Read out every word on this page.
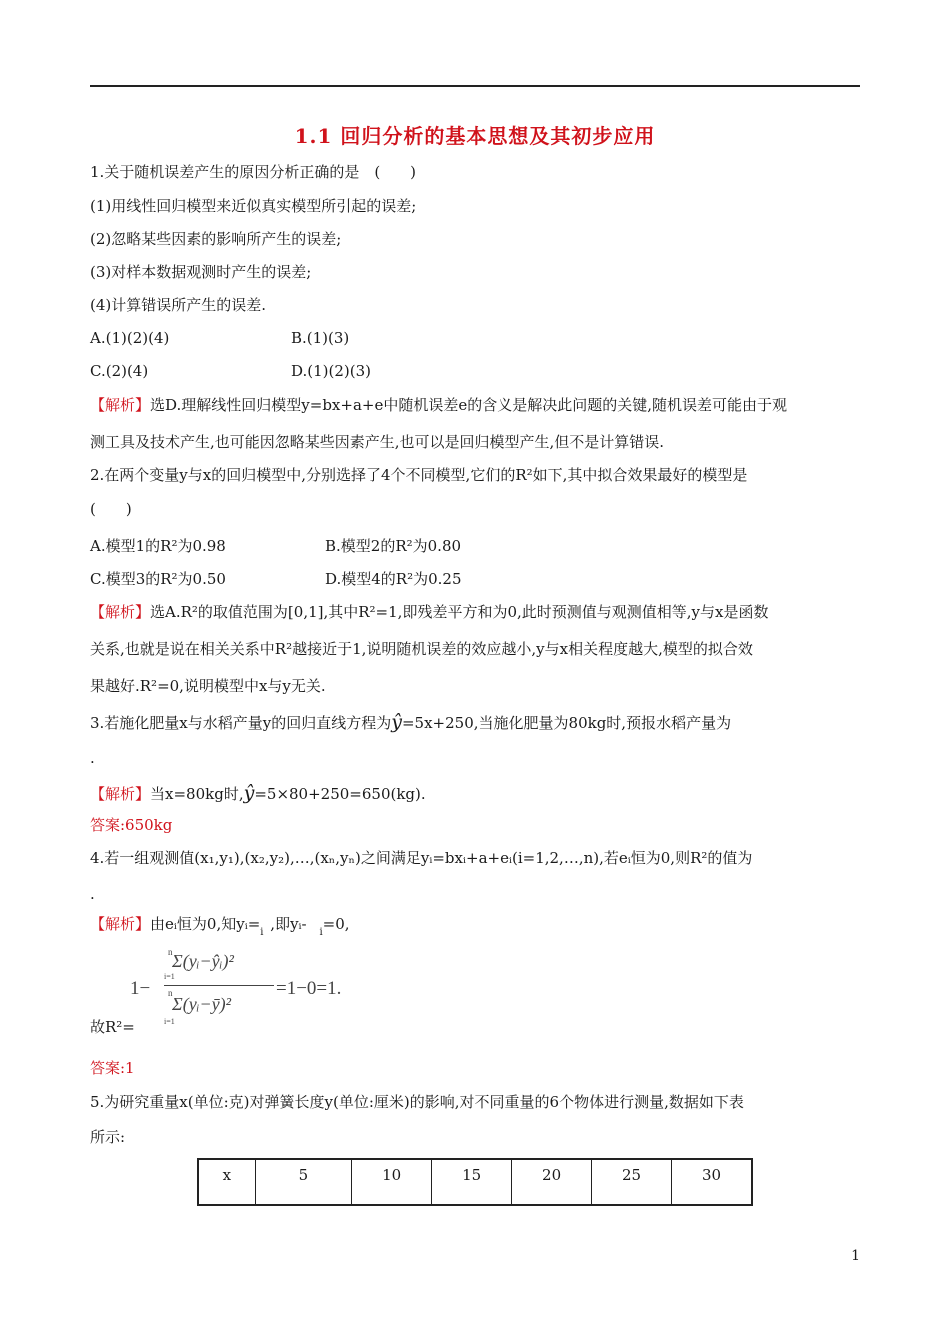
1.1 回归分析的基本思想及其初步应用
1.关于随机误差产生的原因分析正确的是　(　　)
(1)用线性回归模型来近似真实模型所引起的误差;
(2)忽略某些因素的影响所产生的误差;
(3)对样本数据观测时产生的误差;
(4)计算错误所产生的误差.
A.(1)(2)(4)	B.(1)(3)
C.(2)(4)	D.(1)(2)(3)
【解析】选D.理解线性回归模型y=bx+a+e中随机误差e的含义是解决此问题的关键,随机误差可能由于观
测工具及技术产生,也可能因忽略某些因素产生,也可以是回归模型产生,但不是计算错误.
2.在两个变量y与x的回归模型中,分别选择了4个不同模型,它们的R²如下,其中拟合效果最好的模型是
(　　)
A.模型1的R²为0.98	B.模型2的R²为0.80
C.模型3的R²为0.50	D.模型4的R²为0.25
【解析】选A.R²的取值范围为[0,1],其中R²=1,即残差平方和为0,此时预测值与观测值相等,y与x是函数
关系,也就是说在相关关系中R²越接近于1,说明随机误差的效应越小,y与x相关程度越大,模型的拟合效
果越好.R²=0,说明模型中x与y无关.
3.若施化肥量x与水稻产量y的回归直线方程为ŷ=5x+250,当施化肥量为80kg时,预报水稻产量为
.
【解析】当x=80kg时,ŷ=5×80+250=650(kg).
答案:650kg
4.若一组观测值(x₁,y₁),(x₂,y₂),…,(xₙ,yₙ)之间满足yᵢ=bxᵢ+a+eᵢ(i=1,2,…,n),若eᵢ恒为0,则R²的值为
.
【解析】由eᵢ恒为0,知yᵢ=i ,即yᵢ- i=0,
1−
n Σ(yᵢ−ŷᵢ)²
i=1
n
Σ(yᵢ−ȳ)²
i=1
=1−0=1.
故R²=
答案:1
5.为研究重量x(单位:克)对弹簧长度y(单位:厘米)的影响,对不同重量的6个物体进行测量,数据如下表
所示:
x	5	10	15	20	25	30
1
